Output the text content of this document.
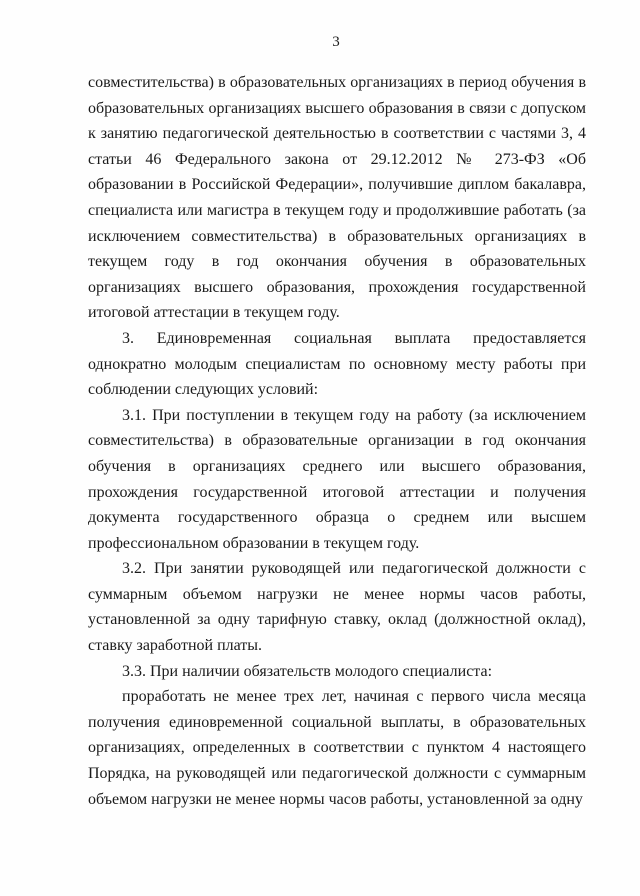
3

совместительства) в образовательных организациях в период обучения в образовательных организациях высшего образования в связи с допуском к занятию педагогической деятельностью в соответствии с частями 3, 4 статьи 46 Федерального закона от 29.12.2012 № 273-ФЗ «Об образовании в Российской Федерации», получившие диплом бакалавра, специалиста или магистра в текущем году и продолжившие работать (за исключением совместительства) в образовательных организациях в текущем году в год окончания обучения в образовательных организациях высшего образования, прохождения государственной итоговой аттестации в текущем году.

3. Единовременная социальная выплата предоставляется однократно молодым специалистам по основному месту работы при соблюдении следующих условий:

3.1. При поступлении в текущем году на работу (за исключением совместительства) в образовательные организации в год окончания обучения в организациях среднего или высшего образования, прохождения государственной итоговой аттестации и получения документа государственного образца о среднем или высшем профессиональном образовании в текущем году.

3.2. При занятии руководящей или педагогической должности с суммарным объемом нагрузки не менее нормы часов работы, установленной за одну тарифную ставку, оклад (должностной оклад), ставку заработной платы.

3.3. При наличии обязательств молодого специалиста:

проработать не менее трех лет, начиная с первого числа месяца получения единовременной социальной выплаты, в образовательных организациях, определенных в соответствии с пунктом 4 настоящего Порядка, на руководящей или педагогической должности с суммарным объемом нагрузки не менее нормы часов работы, установленной за одну
